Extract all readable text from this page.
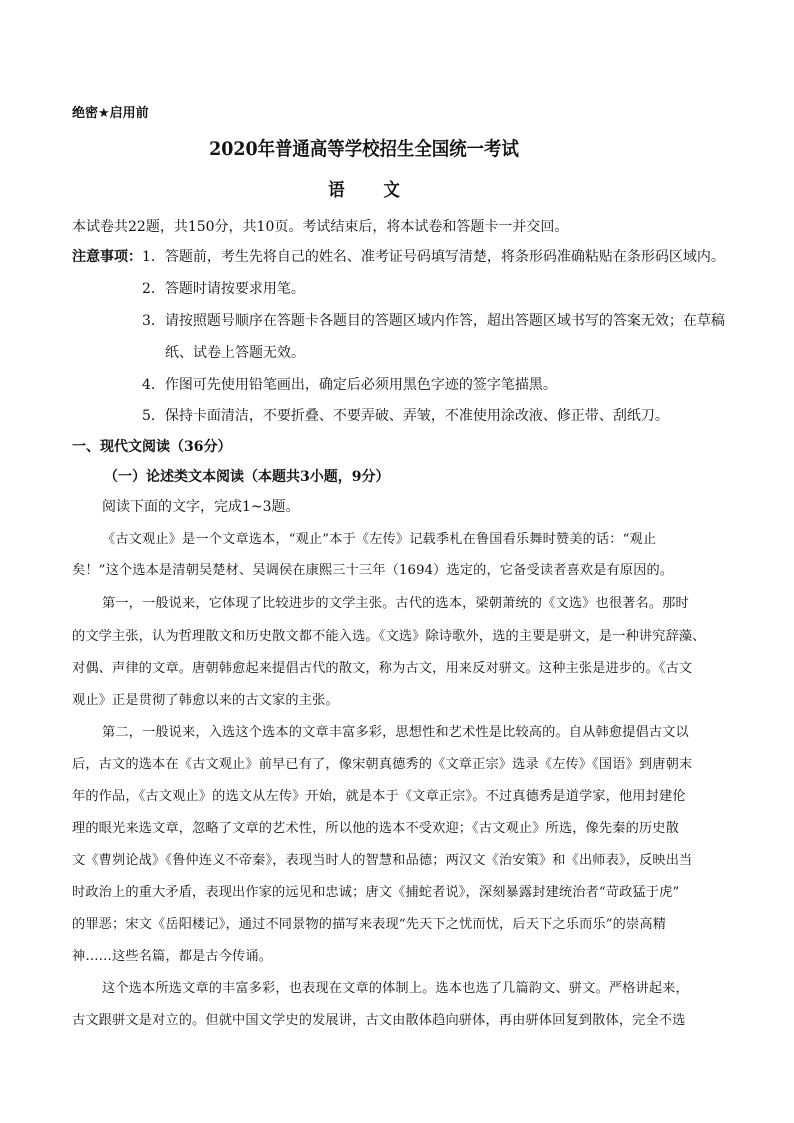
绝密★启用前
2020年普通高等学校招生全国统一考试
语 文
本试卷共22题，共150分，共10页。考试结束后，将本试卷和答题卡一并交回。
注意事项：1．答题前，考生先将自己的姓名、准考证号码填写清楚，将条形码准确粘贴在条形码区域内。
2．答题时请按要求用笔。
3．请按照题号顺序在答题卡各题目的答题区域内作答，超出答题区域书写的答案无效；在草稿
纸、试卷上答题无效。
4．作图可先使用铅笔画出，确定后必须用黑色字迹的签字笔描黑。
5．保持卡面清洁，不要折叠、不要弄破、弄皱，不准使用涂改液、修正带、刮纸刀。
一、现代文阅读（36分）
（一）论述类文本阅读（本题共3小题，9分）
阅读下面的文字，完成1~3题。
《古文观止》是一个文章选本，“观止”本于《左传》记载季札在鲁国看乐舞时赞美的话：“观止
矣！”这个选本是清朝吴楚材、吴调侯在康熙三十三年（1694）选定的，它备受读者喜欢是有原因的。
第一，一般说来，它体现了比较进步的文学主张。古代的选本，梁朝萧统的《文选》也很著名。那时
的文学主张，认为哲理散文和历史散文都不能入选。《文选》除诗歌外，选的主要是骈文，是一种讲究辞藻、
对偶、声律的文章。唐朝韩愈起来提倡古代的散文，称为古文，用来反对骈文。这种主张是进步的。《古文
观止》正是贯彻了韩愈以来的古文家的主张。
第二，一般说来，入选这个选本的文章丰富多彩，思想性和艺术性是比较高的。自从韩愈提倡古文以
后，古文的选本在《古文观止》前早已有了，像宋朝真德秀的《文章正宗》选录《左传》《国语》到唐朝末
年的作品，《古文观止》的选文从左传》开始，就是本于《文章正宗》。不过真德秀是道学家，他用封建伦
理的眼光来选文章，忽略了文章的艺术性，所以他的选本不受欢迎；《古文观止》所选，像先秦的历史散
文《曹刿论战》《鲁仲连义不帝秦》，表现当时人的智慧和品德；两汉文《治安策》和《出师表》，反映出当
时政治上的重大矛盾，表现出作家的远见和忠诚；唐文《捕蛇者说》，深刻暴露封建统治者“苛政猛于虎”
的罪恶；宋文《岳阳楼记》，通过不同景物的描写来表现“先天下之忧而忧，后天下之乐而乐”的崇高精
神……这些名篇，都是古今传诵。
这个选本所选文章的丰富多彩，也表现在文章的体制上。选本也选了几篇韵文、骈文。严格讲起来，
古文跟骈文是对立的。但就中国文学史的发展讲，古文由散体趋向骈体，再由骈体回复到散体，完全不选
